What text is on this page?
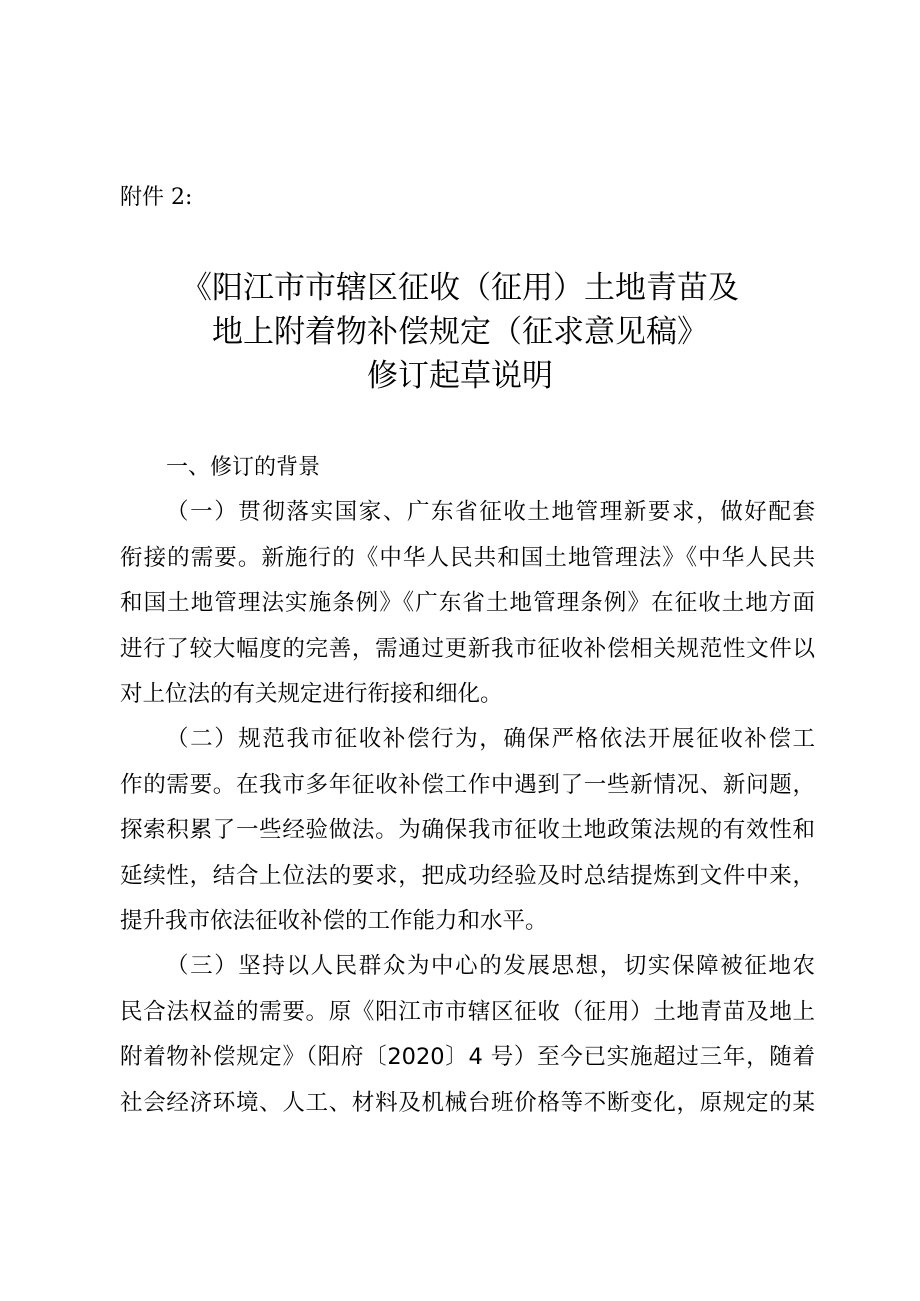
附件 2:
《阳江市市辖区征收（征用）土地青苗及
地上附着物补偿规定（征求意见稿》
修订起草说明
一、修订的背景
（一）贯彻落实国家、广东省征收土地管理新要求，做好配套
衔接的需要。新施行的《中华人民共和国土地管理法》《中华人民共
和国土地管理法实施条例》《广东省土地管理条例》在征收土地方面
进行了较大幅度的完善，需通过更新我市征收补偿相关规范性文件以
对上位法的有关规定进行衔接和细化。
（二）规范我市征收补偿行为，确保严格依法开展征收补偿工
作的需要。在我市多年征收补偿工作中遇到了一些新情况、新问题，
探索积累了一些经验做法。为确保我市征收土地政策法规的有效性和
延续性，结合上位法的要求，把成功经验及时总结提炼到文件中来，
提升我市依法征收补偿的工作能力和水平。
（三）坚持以人民群众为中心的发展思想，切实保障被征地农
民合法权益的需要。原《阳江市市辖区征收（征用）土地青苗及地上
附着物补偿规定》（阳府〔2020〕4 号）至今已实施超过三年，随着
社会经济环境、人工、材料及机械台班价格等不断变化，原规定的某
